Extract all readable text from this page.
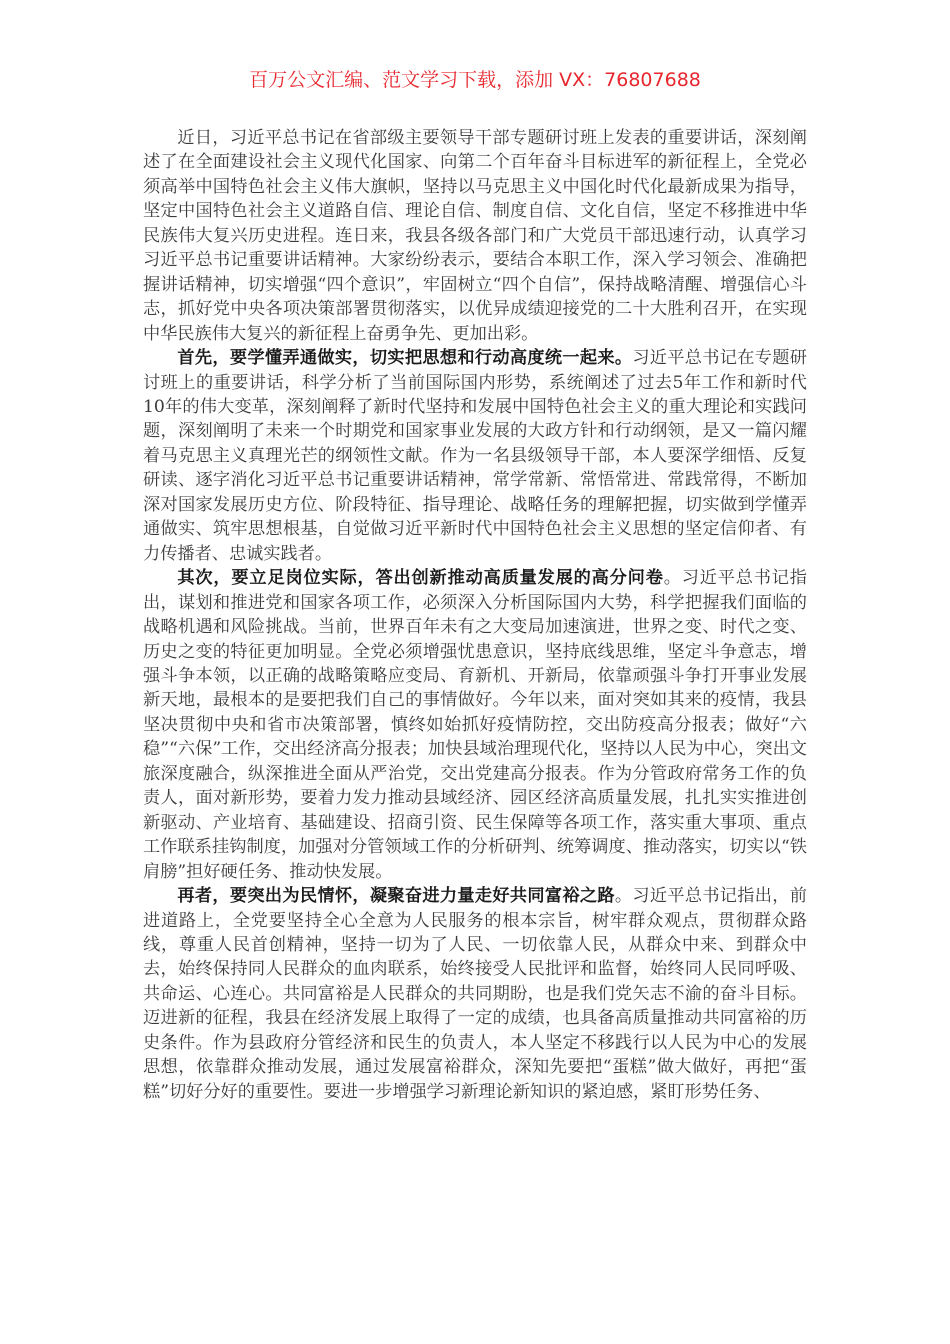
百万公文汇编、范文学习下载，添加 VX：76807688

近日，习近平总书记在省部级主要领导干部专题研讨班上发表的重要讲话，深刻阐述了在全面建设社会主义现代化国家、向第二个百年奋斗目标进军的新征程上，全党必须高举中国特色社会主义伟大旗帜，坚持以马克思主义中国化时代化最新成果为指导，坚定中国特色社会主义道路自信、理论自信、制度自信、文化自信，坚定不移推进中华民族伟大复兴历史进程。连日来，我县各级各部门和广大党员干部迅速行动，认真学习习近平总书记重要讲话精神。大家纷纷表示，要结合本职工作，深入学习领会、准确把握讲话精神，切实增强“四个意识”，牢固树立“四个自信”，保持战略清醒、增强信心斗志，抓好党中央各项决策部署贯彻落实，以优异成绩迎接党的二十大胜利召开，在实现中华民族伟大复兴的新征程上奋勇争先、更加出彩。

首先，要学懂弄通做实，切实把思想和行动高度统一起来。习近平总书记在专题研讨班上的重要讲话，科学分析了当前国际国内形势，系统阐述了过去5年工作和新时代10年的伟大变革，深刻阐释了新时代坚持和发展中国特色社会主义的重大理论和实践问题，深刻阐明了未来一个时期党和国家事业发展的大政方针和行动纲领，是又一篇闪耀着马克思主义真理光芒的纲领性文献。作为一名县级领导干部，本人要深学细悟、反复研读、逐字消化习近平总书记重要讲话精神，常学常新、常悟常进、常践常得，不断加深对国家发展历史方位、阶段特征、指导理论、战略任务的理解把握，切实做到学懂弄通做实、筑牢思想根基，自觉做习近平新时代中国特色社会主义思想的坚定信仰者、有力传播者、忠诚实践者。

其次，要立足岗位实际，答出创新推动高质量发展的高分问卷。习近平总书记指出，谋划和推进党和国家各项工作，必须深入分析国际国内大势，科学把握我们面临的战略机遇和风险挑战。当前，世界百年未有之大变局加速演进，世界之变、时代之变、历史之变的特征更加明显。全党必须增强忧患意识，坚持底线思维，坚定斗争意志，增强斗争本领，以正确的战略策略应变局、育新机、开新局，依靠顽强斗争打开事业发展新天地，最根本的是要把我们自己的事情做好。今年以来，面对突如其来的疫情，我县坚决贯彻中央和省市决策部署，慎终如始抓好疫情防控，交出防疫高分报表；做好“六稳”“六保”工作，交出经济高分报表；加快县域治理现代化，坚持以人民为中心，突出文旅深度融合，纵深推进全面从严治党，交出党建高分报表。作为分管政府常务工作的负责人，面对新形势，要着力发力推动县域经济、园区经济高质量发展，扎扎实实推进创新驱动、产业培育、基础建设、招商引资、民生保障等各项工作，落实重大事项、重点工作联系挂钩制度，加强对分管领域工作的分析研判、统筹调度、推动落实，切实以“铁肩膀”担好硬任务、推动快发展。

再者，要突出为民情怀，凝聚奋进力量走好共同富裕之路。习近平总书记指出，前进道路上，全党要坚持全心全意为人民服务的根本宗旨，树牢群众观点，贯彻群众路线，尊重人民首创精神，坚持一切为了人民、一切依靠人民，从群众中来、到群众中去，始终保持同人民群众的血肉联系，始终接受人民批评和监督，始终同人民同呼吸、共命运、心连心。共同富裕是人民群众的共同期盼，也是我们党矢志不渝的奋斗目标。迈进新的征程，我县在经济发展上取得了一定的成绩，也具备高质量推动共同富裕的历史条件。作为县政府分管经济和民生的负责人，本人坚定不移践行以人民为中心的发展思想，依靠群众推动发展，通过发展富裕群众，深知先要把“蛋糕”做大做好，再把“蛋糕”切好分好的重要性。要进一步增强学习新理论新知识的紧迫感，紧盯形势任务、
